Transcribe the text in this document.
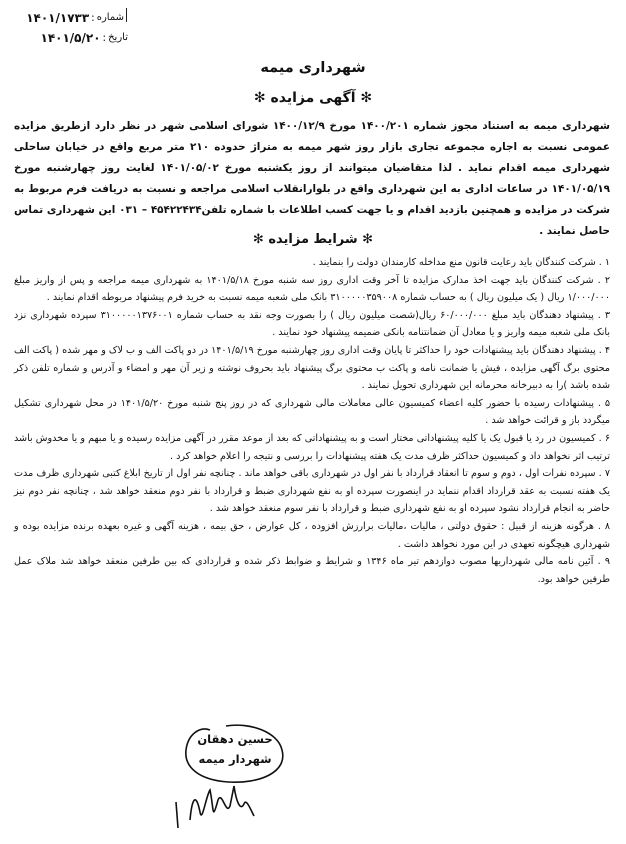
شماره
:
۱۴۰۱/۱۷۳۳
تاریخ
:
۱۴۰۱/۵/۲۰
شهرداری میمه
✻ آگهی مزایده ✻
شهرداری میمه به استناد مجوز شماره ۱۴۰۰/۲۰۱ مورخ ۱۴۰۰/۱۲/۹ شورای اسلامی شهر در نظر دارد ازطریق مزایده عمومی نسبت به اجاره مجموعه تجاری بازار روز شهر میمه به متراژ حدوده ۲۱۰ متر مربع واقع در خیابان ساحلی شهرداری میمه اقدام نماید . لذا متقاضیان میتوانند از روز یکشنبه مورخ ۱۴۰۱/۰۵/۰۲ لغایت روز چهارشنبه مورخ ۱۴۰۱/۰۵/۱۹ در ساعات اداری به این شهرداری واقع در بلوارانقلاب اسلامی مراجعه و نسبت به دریافت فرم مربوط به شرکت در مزایده و همچنین بازدید اقدام و یا جهت کسب اطلاعات با شماره تلفن۴۵۴۲۲۴۳۴ – ۰۳۱ این شهرداری تماس حاصل نمایند .
✻ شرایط مزایده ✻

۱ . شرکت کنندگان باید رعایت قانون منع مداخله کارمندان دولت را بنمایند .

۲ . شرکت کنندگان باید جهت اخذ مدارک مزایده تا آخر وقت اداری روز سه شنبه مورخ ۱۴۰۱/۵/۱۸ به شهرداری میمه مراجعه و پس از واریز مبلغ ۱/۰۰۰/۰۰۰ ریال ( یک میلیون ریال ) به حساب شماره ۳۱۰۰۰۰۰۳۵۹۰۰۸ بانک ملی شعبه میمه نسبت به خرید فرم پیشنهاد مربوطه اقدام نمایند .

۳ . پیشنهاد دهندگان باید مبلغ ۶۰/۰۰۰/۰۰۰ ریال(شصت میلیون ریال ) را بصورت وجه نقد به حساب شماره ۳۱۰۰۰۰۰۱۳۷۶۰۰۱ سپرده شهرداری نزد بانک ملی شعبه میمه واریز و یا معادل آن ضمانتنامه بانکی ضمیمه پیشنهاد خود نمایند .

۴ . پیشنهاد دهندگان باید پیشنهادات خود را حداکثر تا پایان وقت اداری روز چهارشنبه مورخ ۱۴۰۱/۵/۱۹ در دو پاکت الف و ب لاک و مهر شده ( پاکت الف محتوی برگ آگهی مزایده ، فیش یا ضمانت نامه و پاکت ب محتوی برگ پیشنهاد باید بحروف نوشته و زیر آن مهر و امضاء و آدرس و شماره تلفن ذکر شده باشد )را به دبیرخانه محرمانه این شهرداری تحویل نمایند .

۵ . پیشنهادات رسیده با حضور کلیه اعضاء کمیسیون عالی معاملات مالی شهرداری که در روز پنج شنبه مورخ ۱۴۰۱/۵/۲۰ در محل شهرداری تشکیل میگردد باز و قرائت خواهد شد .

۶ . کمیسیون در رد یا قبول یک یا کلیه پیشنهاداتی مختار است و به پیشنهاداتی که بعد از موعد مقرر در آگهی مزایده رسیده و یا مبهم و یا مخدوش باشد ترتیب اثر نخواهد داد و کمیسیون حداکثر ظرف مدت یک هفته پیشنهادات را بررسی و نتیجه را اعلام خواهد کرد .

۷ . سپرده نفرات اول ، دوم و سوم تا انعقاد قرارداد با نفر اول در شهرداری باقی خواهد ماند . چنانچه نفر اول از تاریخ ابلاغ کتبی شهرداری ظرف مدت یک هفته نسبت به عقد قرارداد اقدام ننماید در اینصورت سپرده او به نفع شهرداری ضبط و قرارداد با نفر دوم منعقد خواهد شد ، چنانچه نفر دوم نیز حاضر به انجام قرارداد نشود سپرده او به نفع شهرداری ضبط و قرارداد با نفر سوم منعقد خواهد شد .

۸ . هرگونه هزینه از قبیل : حقوق دولتی ، مالیات ،مالیات برارزش افزوده ، کل عوارض ، حق بیمه ، هزینه آگهی و غیره بعهده برنده مزایده بوده و شهرداری هیچگونه تعهدی در این مورد نخواهد داشت .

۹ . آئین نامه مالی شهرداریها مصوب دوازدهم تیر ماه ۱۳۴۶ و شرایط و ضوابط ذکر شده و قراردادی که بین طرفین منعقد خواهد شد ملاک عمل طرفین خواهد بود.

حسین دهقان
شهردار میمه
